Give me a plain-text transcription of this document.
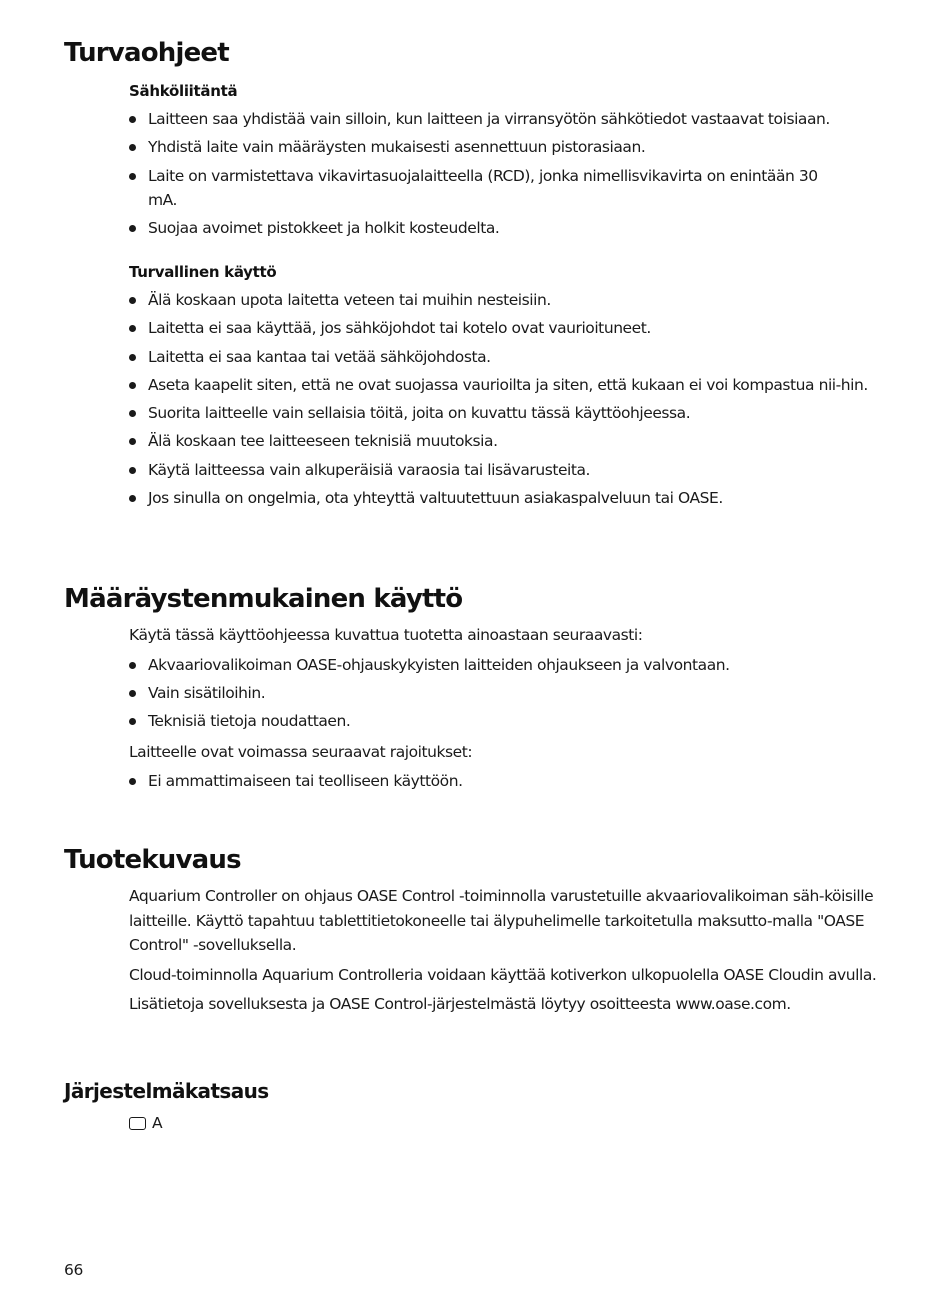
Turvaohjeet
Sähköliitäntä
Laitteen saa yhdistää vain silloin, kun laitteen ja virransyötön sähkötiedot vastaavat toisiaan.
Yhdistä laite vain määräysten mukaisesti asennettuun pistorasiaan.
Laite on varmistettava vikavirtasuojalaitteella (RCD), jonka nimellisvikavirta on enintään 30 mA.
Suojaa avoimet pistokkeet ja holkit kosteudelta.
Turvallinen käyttö
Älä koskaan upota laitetta veteen tai muihin nesteisiin.
Laitetta ei saa käyttää, jos sähköjohdot tai kotelo ovat vaurioituneet.
Laitetta ei saa kantaa tai vetää sähköjohdosta.
Aseta kaapelit siten, että ne ovat suojassa vaurioilta ja siten, että kukaan ei voi kompastua nii-hin.
Suorita laitteelle vain sellaisia töitä, joita on kuvattu tässä käyttöohjeessa.
Älä koskaan tee laitteeseen teknisiä muutoksia.
Käytä laitteessa vain alkuperäisiä varaosia tai lisävarusteita.
Jos sinulla on ongelmia, ota yhteyttä valtuutettuun asiakaspalveluun tai OASE.
Määräystenmukainen käyttö

Käytä tässä käyttöohjeessa kuvattua tuotetta ainoastaan seuraavasti:

Akvaariovalikoiman OASE-ohjauskykyisten laitteiden ohjaukseen ja valvontaan.
Vain sisätiloihin.
Teknisiä tietoja noudattaen.

Laitteelle ovat voimassa seuraavat rajoitukset:

Ei ammattimaiseen tai teolliseen käyttöön.
Tuotekuvaus

Aquarium Controller on ohjaus OASE Control -toiminnolla varustetuille akvaariovalikoiman säh-köisille laitteille. Käyttö tapahtuu tablettitietokoneelle tai älypuhelimelle tarkoitetulla maksutto-malla "OASE Control" -sovelluksella.

Cloud-toiminnolla Aquarium Controlleria voidaan käyttää kotiverkon ulkopuolella OASE Cloudin avulla.

Lisätietoja sovelluksesta ja OASE Control-järjestelmästä löytyy osoitteesta www.oase.com.

Järjestelmäkatsaus
A
66
